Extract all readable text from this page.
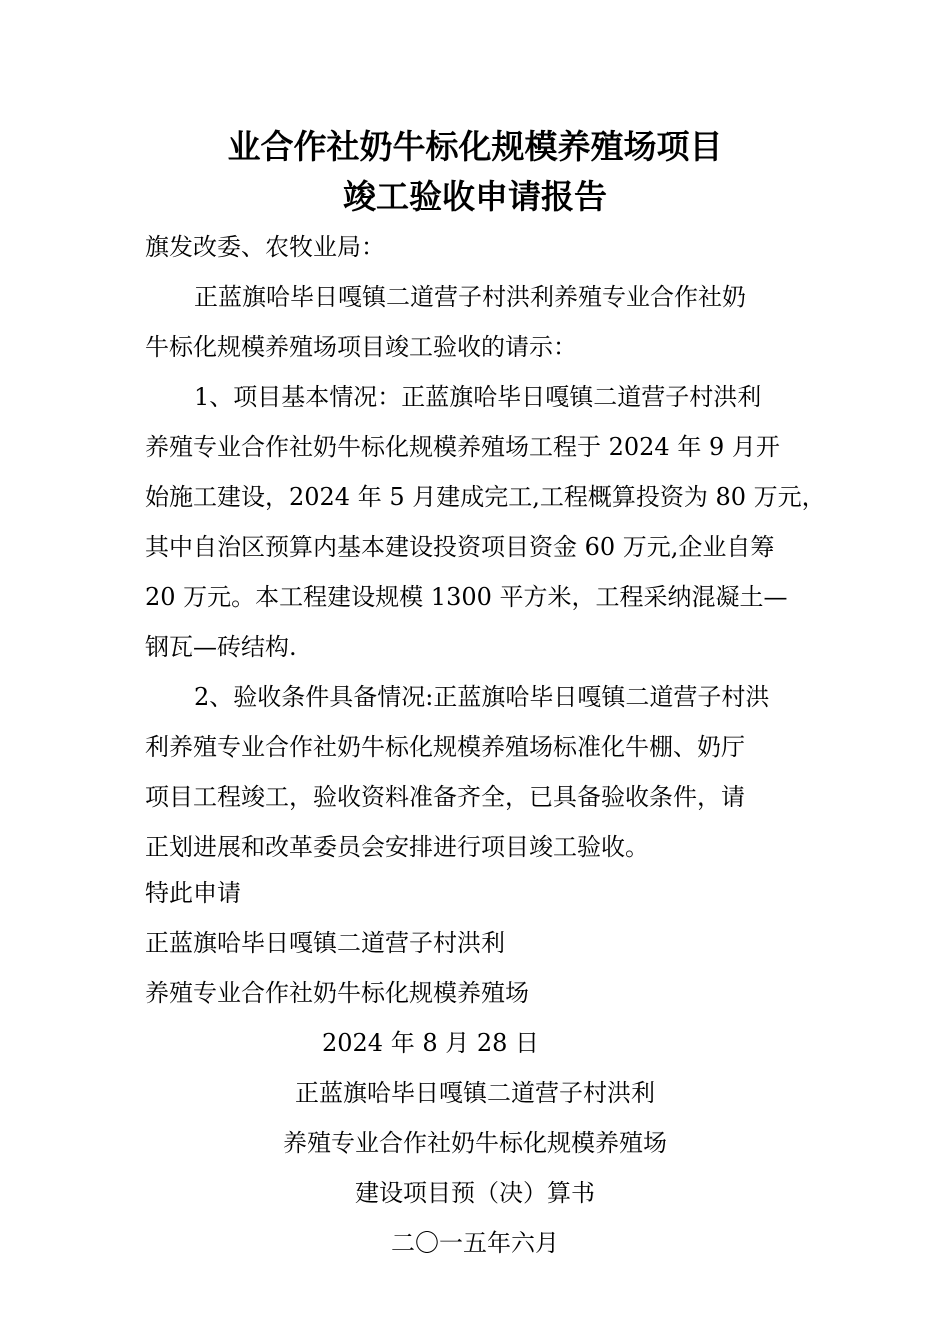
业合作社奶牛标化规模养殖场项目
竣工验收申请报告
旗发改委、农牧业局：
正蓝旗哈毕日嘎镇二道营子村洪利养殖专业合作社奶
牛标化规模养殖场项目竣工验收的请示：
1、项目基本情况：正蓝旗哈毕日嘎镇二道营子村洪利
养殖专业合作社奶牛标化规模养殖场工程于 2024 年 9 月开
始施工建设，2024 年 5 月建成完工,工程概算投资为 80 万元，
其中自治区预算内基本建设投资项目资金 60 万元,企业自筹
20 万元。本工程建设规模 1300 平方米，工程采纳混凝土—
钢瓦—砖结构.
2、验收条件具备情况:正蓝旗哈毕日嘎镇二道营子村洪
利养殖专业合作社奶牛标化规模养殖场标准化牛棚、奶厅
项目工程竣工，验收资料准备齐全，已具备验收条件，请
正划进展和改革委员会安排进行项目竣工验收。
特此申请
正蓝旗哈毕日嘎镇二道营子村洪利
养殖专业合作社奶牛标化规模养殖场
2024 年 8 月 28 日
正蓝旗哈毕日嘎镇二道营子村洪利
养殖专业合作社奶牛标化规模养殖场
建设项目预（决）算书
二〇一五年六月
